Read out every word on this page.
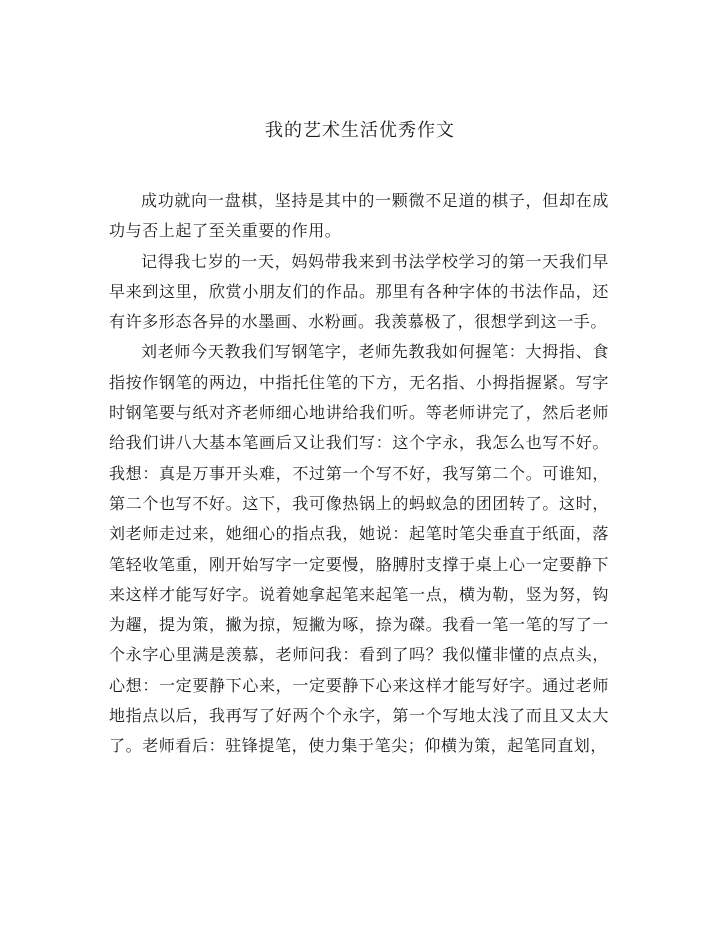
我的艺术生活优秀作文

成功就向一盘棋，坚持是其中的一颗微不足道的棋子，但却在成功与否上起了至关重要的作用。

记得我七岁的一天，妈妈带我来到书法学校学习的第一天我们早早来到这里，欣赏小朋友们的作品。那里有各种字体的书法作品，还有许多形态各异的水墨画、水粉画。我羡慕极了，很想学到这一手。

刘老师今天教我们写钢笔字，老师先教我如何握笔：大拇指、食指按作钢笔的两边，中指托住笔的下方，无名指、小拇指握紧。写字时钢笔要与纸对齐老师细心地讲给我们听。等老师讲完了，然后老师给我们讲八大基本笔画后又让我们写：这个字永，我怎么也写不好。我想：真是万事开头难，不过第一个写不好，我写第二个。可谁知，第二个也写不好。这下，我可像热锅上的蚂蚁急的团团转了。这时，刘老师走过来，她细心的指点我，她说：起笔时笔尖垂直于纸面，落笔轻收笔重，刚开始写字一定要慢，胳膊肘支撑于桌上心一定要静下来这样才能写好字。说着她拿起笔来起笔一点，横为勒，竖为努，钩为趯，提为策，撇为掠，短撇为啄，捺为磔。我看一笔一笔的写了一个永字心里满是羡慕，老师问我：看到了吗？我似懂非懂的点点头，心想：一定要静下心来，一定要静下心来这样才能写好字。通过老师地指点以后，我再写了好两个个永字，第一个写地太浅了而且又太大了。老师看后：驻锋提笔，使力集于笔尖；仰横为策，起笔同直划，
